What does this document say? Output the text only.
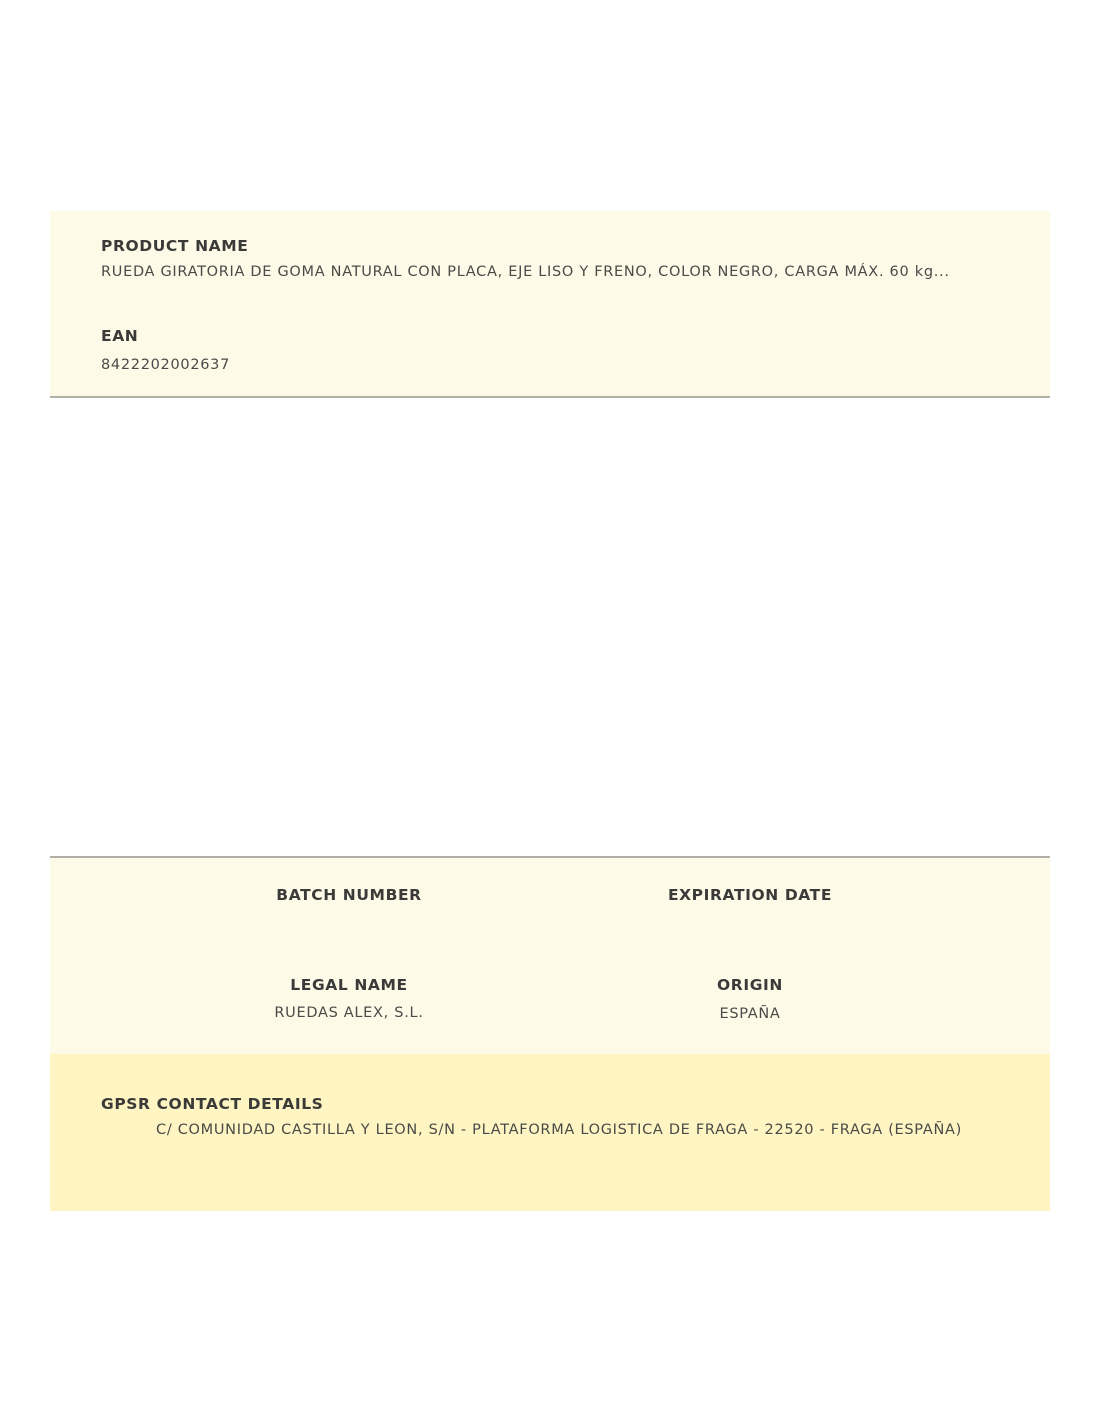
PRODUCT NAME
RUEDA GIRATORIA DE GOMA NATURAL CON PLACA, EJE LISO Y FRENO, COLOR NEGRO, CARGA MÁX. 60 kg...
EAN
8422202002637
BATCH NUMBER	EXPIRATION DATE
LEGAL NAME
RUEDAS ALEX, S.L.
ORIGIN
ESPAÑA
GPSR CONTACT DETAILS
C/ COMUNIDAD CASTILLA Y LEON, S/N - PLATAFORMA LOGISTICA DE FRAGA - 22520 - FRAGA (ESPAÑA)
